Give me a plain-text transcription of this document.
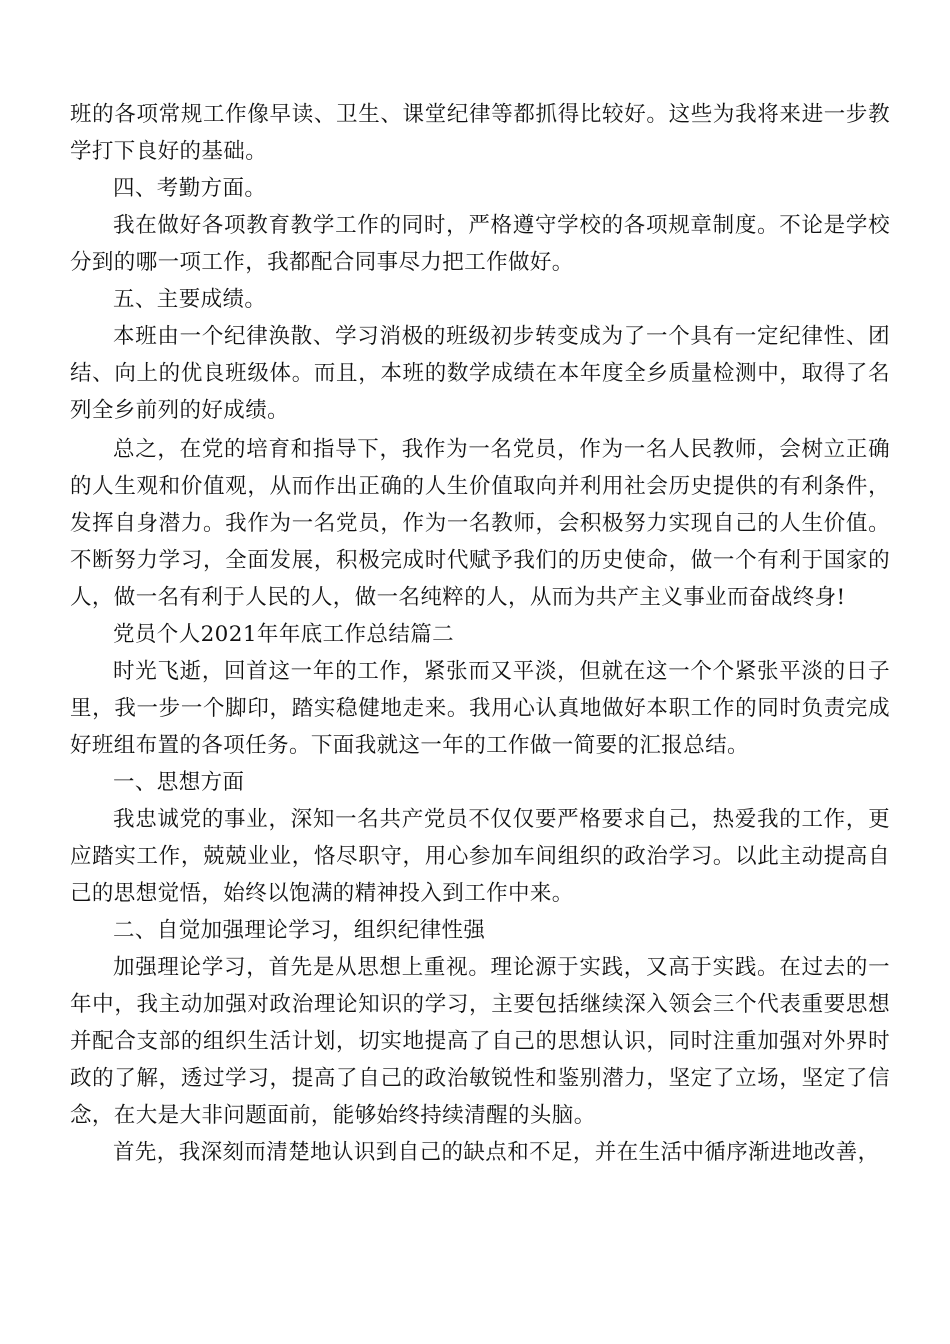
班的各项常规工作像早读、卫生、课堂纪律等都抓得比较好。这些为我将来进一步教学打下良好的基础。

四、考勤方面。

我在做好各项教育教学工作的同时，严格遵守学校的各项规章制度。不论是学校分到的哪一项工作，我都配合同事尽力把工作做好。

五、主要成绩。

本班由一个纪律涣散、学习消极的班级初步转变成为了一个具有一定纪律性、团结、向上的优良班级体。而且，本班的数学成绩在本年度全乡质量检测中，取得了名列全乡前列的好成绩。

总之，在党的培育和指导下，我作为一名党员，作为一名人民教师，会树立正确的人生观和价值观，从而作出正确的人生价值取向并利用社会历史提供的有利条件，发挥自身潜力。我作为一名党员，作为一名教师，会积极努力实现自己的人生价值。不断努力学习，全面发展，积极完成时代赋予我们的历史使命，做一个有利于国家的人，做一名有利于人民的人，做一名纯粹的人，从而为共产主义事业而奋战终身!

党员个人2021年年底工作总结篇二

时光飞逝，回首这一年的工作，紧张而又平淡，但就在这一个个紧张平淡的日子里，我一步一个脚印，踏实稳健地走来。我用心认真地做好本职工作的同时负责完成好班组布置的各项任务。下面我就这一年的工作做一简要的汇报总结。

一、思想方面

我忠诚党的事业，深知一名共产党员不仅仅要严格要求自己，热爱我的工作，更应踏实工作，兢兢业业，恪尽职守，用心参加车间组织的政治学习。以此主动提高自己的思想觉悟，始终以饱满的精神投入到工作中来。

二、自觉加强理论学习，组织纪律性强

加强理论学习，首先是从思想上重视。理论源于实践，又高于实践。在过去的一年中，我主动加强对政治理论知识的学习，主要包括继续深入领会三个代表重要思想并配合支部的组织生活计划，切实地提高了自己的思想认识，同时注重加强对外界时政的了解，透过学习，提高了自己的政治敏锐性和鉴别潜力，坚定了立场，坚定了信念，在大是大非问题面前，能够始终持续清醒的头脑。

首先，我深刻而清楚地认识到自己的缺点和不足，并在生活中循序渐进地改善，
